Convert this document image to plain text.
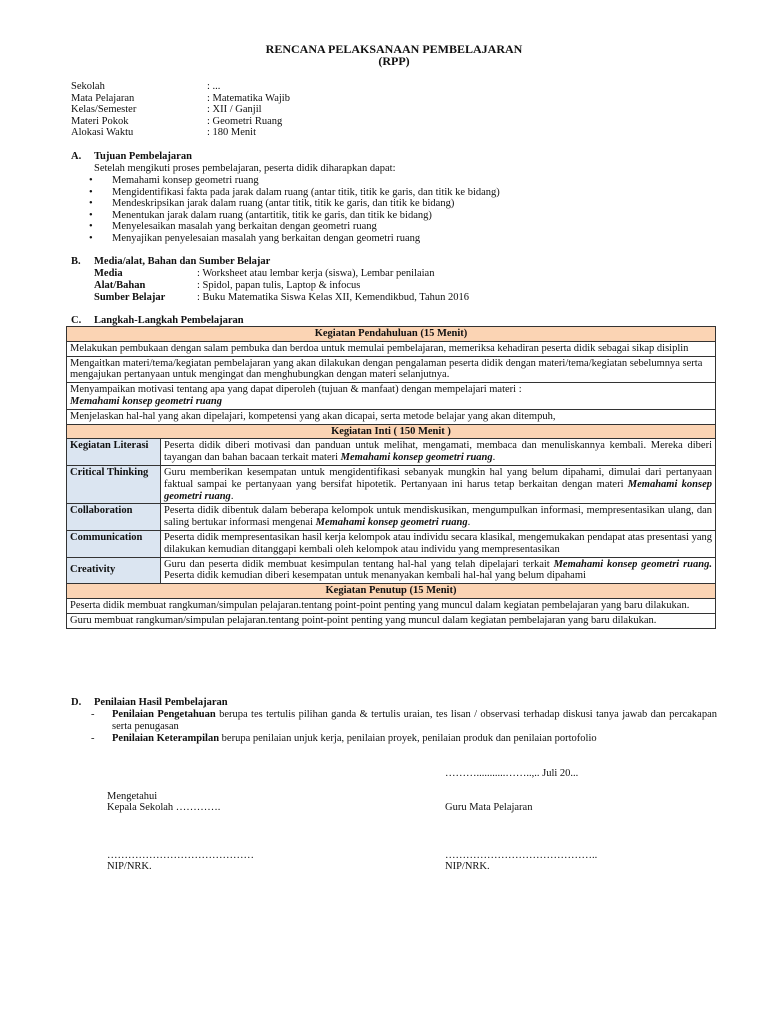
RENCANA PELAKSANAAN PEMBELAJARAN
(RPP)
Sekolah	: ...
Mata Pelajaran	: Matematika Wajib
Kelas/Semester	: XII / Ganjil
Materi Pokok	: Geometri Ruang
Alokasi Waktu	: 180 Menit
A. Tujuan Pembelajaran
Setelah mengikuti proses pembelajaran, peserta didik diharapkan dapat:
• Memahami konsep geometri ruang
• Mengidentifikasi fakta pada jarak dalam ruang (antar titik, titik ke garis, dan titik ke bidang)
• Mendeskripsikan jarak dalam ruang (antar titik, titik ke garis, dan titik ke bidang)
• Menentukan jarak dalam ruang (antartitik, titik ke garis, dan titik ke bidang)
• Menyelesaikan masalah yang berkaitan dengan geometri ruang
• Menyajikan penyelesaian masalah yang berkaitan dengan geometri ruang
B. Media/alat, Bahan dan Sumber Belajar
Media	: Worksheet atau lembar kerja (siswa), Lembar penilaian
Alat/Bahan	: Spidol, papan tulis, Laptop & infocus
Sumber Belajar	: Buku Matematika Siswa Kelas XII, Kemendikbud, Tahun 2016
C. Langkah-Langkah Pembelajaran
Kegiatan Pendahuluan (15 Menit)	
Melakukan pembukaan dengan salam pembuka dan berdoa untuk memulai pembelajaran, memeriksa kehadiran peserta didik sebagai sikap disiplin	
Mengaitkan materi/tema/kegiatan pembelajaran yang akan dilakukan dengan pengalaman peserta didik dengan materi/tema/kegiatan sebelumnya serta mengajukan pertanyaan untuk mengingat dan menghubungkan dengan materi selanjutnya.	

Menyampaikan motivasi tentang apa yang dapat diperoleh (tujuan & manfaat) dengan mempelajari materi :
Memahami konsep geometri ruang	

Menjelaskan hal-hal yang akan dipelajari, kompetensi yang akan dicapai, serta metode belajar yang akan ditempuh,	
Kegiatan Inti ( 150 Menit )	
Kegiatan Literasi	Peserta didik diberi motivasi dan panduan untuk melihat, mengamati, membaca dan menuliskannya kembali. Mereka diberi tayangan dan bahan bacaan terkait materi Memahami konsep geometri ruang.
Critical Thinking	Guru memberikan kesempatan untuk mengidentifikasi sebanyak mungkin hal yang belum dipahami, dimulai dari pertanyaan faktual sampai ke pertanyaan yang bersifat hipotetik. Pertanyaan ini harus tetap berkaitan dengan materi Memahami konsep geometri ruang.
Collaboration	Peserta didik dibentuk dalam beberapa kelompok untuk mendiskusikan, mengumpulkan informasi, mempresentasikan ulang, dan saling bertukar informasi mengenai Memahami konsep geometri ruang.
Communication	Peserta didik mempresentasikan hasil kerja kelompok atau individu secara klasikal, mengemukakan pendapat atas presentasi yang dilakukan kemudian ditanggapi kembali oleh kelompok atau individu yang mempresentasikan
Creativity	Guru dan peserta didik membuat kesimpulan tentang hal-hal yang telah dipelajari terkait Memahami konsep geometri ruang. Peserta didik kemudian diberi kesempatan untuk menanyakan kembali hal-hal yang belum dipahami
Kegiatan Penutup (15 Menit)	
Peserta didik membuat rangkuman/simpulan pelajaran.tentang point-point penting yang muncul dalam kegiatan pembelajaran yang baru dilakukan.	
Guru membuat rangkuman/simpulan pelajaran.tentang point-point penting yang muncul dalam kegiatan pembelajaran yang baru dilakukan.	
D. Penilaian Hasil Pembelajaran
- Penilaian Pengetahuan berupa tes tertulis pilihan ganda & tertulis uraian, tes lisan / observasi terhadap diskusi tanya jawab dan percakapan serta penugasan
- Penilaian Keterampilan berupa penilaian unjuk kerja, penilaian proyek, penilaian produk dan penilaian portofolio
………...........……..,.. Juli 20...
Mengetahui
Kepala Sekolah ………….	Guru Mata Pelajaran
……………………………………	……………………………………..
NIP/NRK.	NIP/NRK.
